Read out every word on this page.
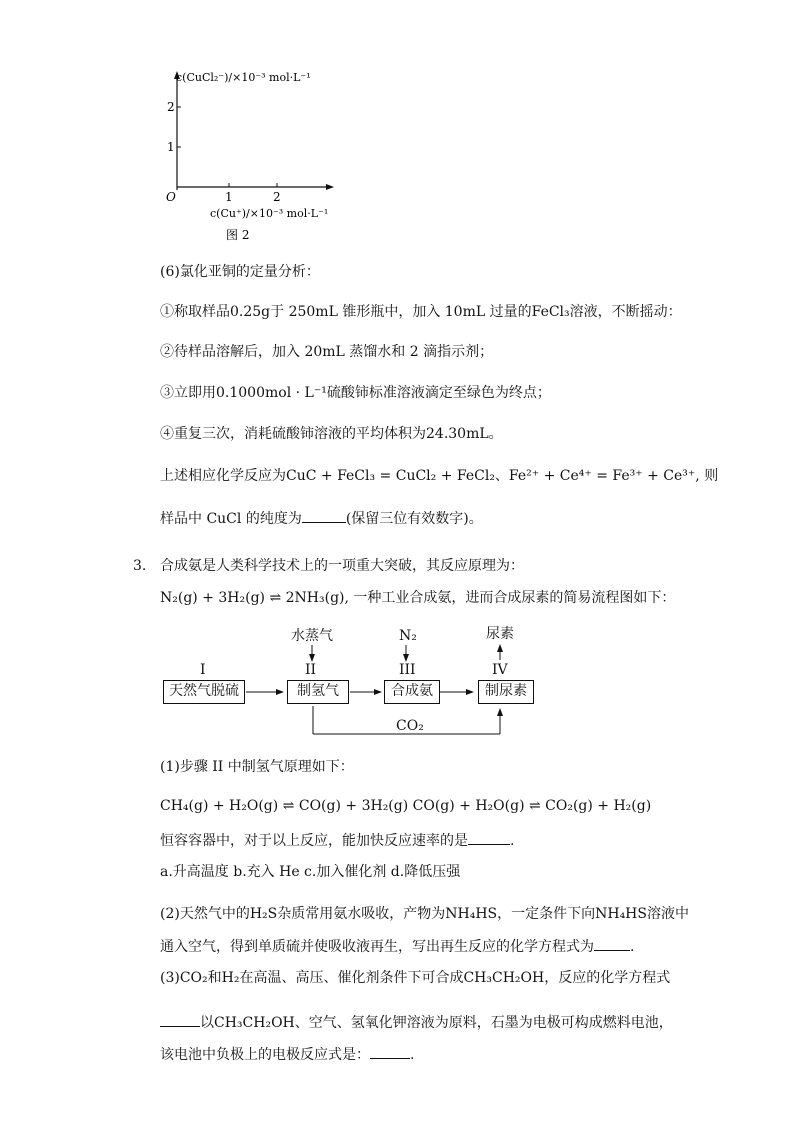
1
2
1	2
O
c(CuCl₂⁻)/×10⁻³ mol·L⁻¹
c(Cu⁺)/×10⁻³ mol·L⁻¹
图 2
(6)氯化亚铜的定量分析：
①称取样品0.25g于 250mL 锥形瓶中，加入 10mL 过量的FeCl₃溶液，不断摇动：
②待样品溶解后，加入 20mL 蒸馏水和 2 滴指示剂；
③立即用0.1000mol · L⁻¹硫酸铈标准溶液滴定至绿色为终点；
④重复三次，消耗硫酸铈溶液的平均体积为24.30mL。
上述相应化学反应为CuC + FeCl₃ = CuCl₂ + FeCl₂、Fe²⁺ + Ce⁴⁺ = Fe³⁺ + Ce³⁺, 则
样品中 CuCl 的纯度为	(保留三位有效数字)。
3. 合成氨是人类科学技术上的一项重大突破，其反应原理为：
N₂(g) + 3H₂(g) ⇌ 2NH₃(g), 一种工业合成氨，进而合成尿素的简易流程图如下：
I
天然气脱硫
水蒸气
II
制氢气
N₂
III
合成氨
尿素
IV
制尿素
CO₂
(1)步骤 II 中制氢气原理如下：
CH₄(g) + H₂O(g) ⇌ CO(g) + 3H₂(g) CO(g) + H₂O(g) ⇌ CO₂(g) + H₂(g)
恒容容器中，对于以上反应，能加快反应速率的是	.
a.升高温度 b.充入 He c.加入催化剂 d.降低压强
(2)天然气中的H₂S杂质常用氨水吸收，产物为NH₄HS，一定条件下向NH₄HS溶液中
通入空气，得到单质硫并使吸收液再生，写出再生反应的化学方程式为	.
(3)CO₂和H₂在高温、高压、催化剂条件下可合成CH₃CH₂OH，反应的化学方程式
以CH₃CH₂OH、空气、氢氧化钾溶液为原料，石墨为电极可构成燃料电池，
该电池中负极上的电极反应式是：	.
